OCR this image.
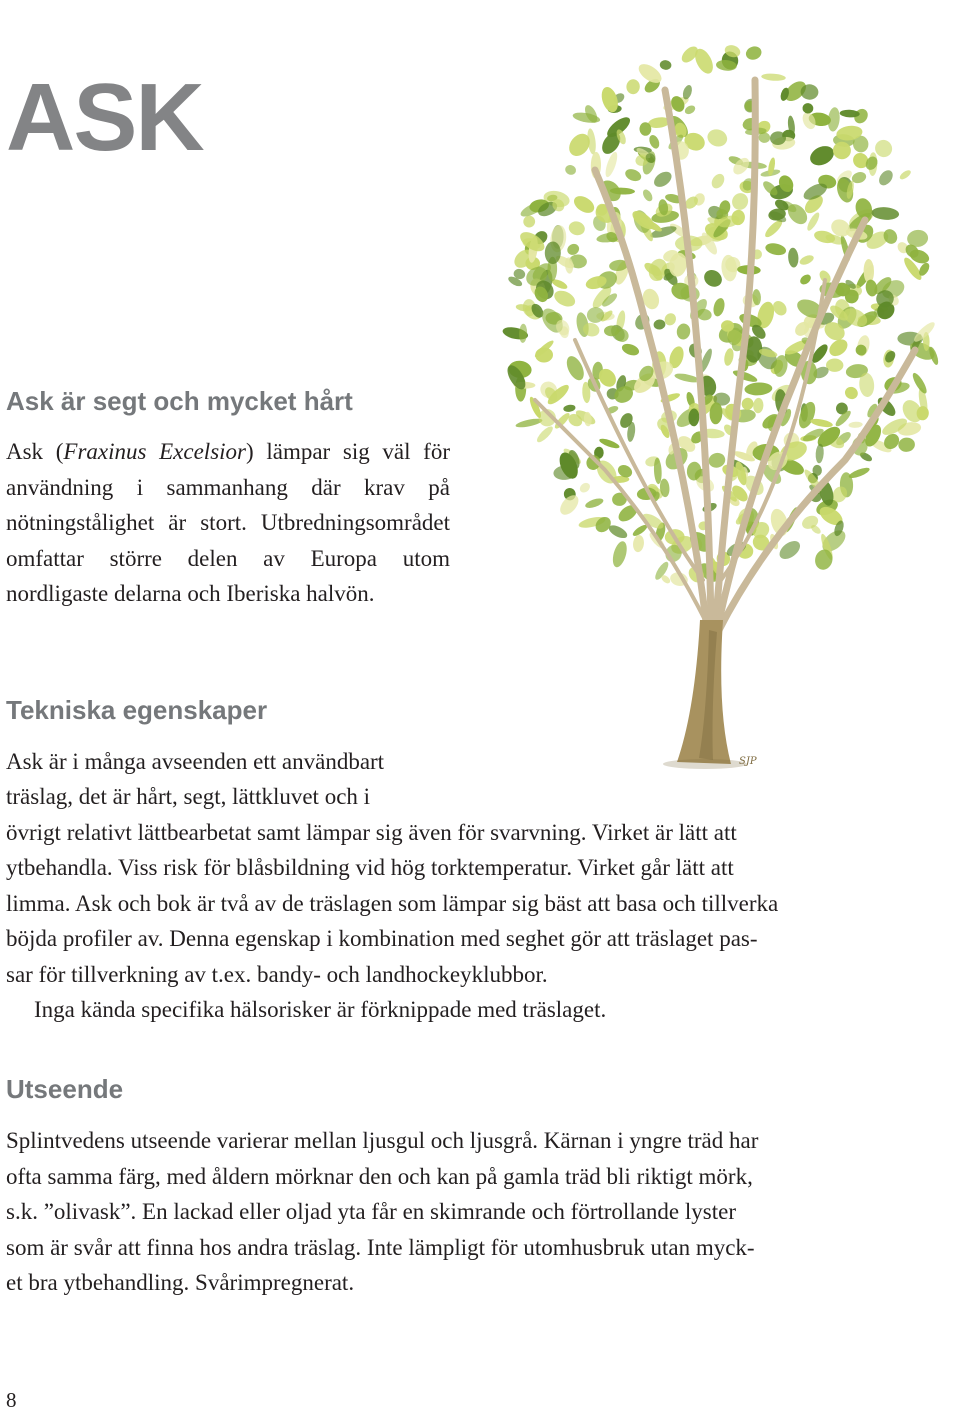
ASK
SJP
Ask är segt och mycket hårt

Ask (Fraxinus Excelsior) lämpar sig väl för användning i sammanhang där krav på nötningstålighet är stort. Utbredningsområdet omfattar större delen av Europa utom nordligaste delarna och Iberiska halvön.

Tekniska egenskaper
Ask är i många avseenden ett användbart
träslag, det är hårt, segt, lättkluvet och i
övrigt relativt lättbearbetat samt lämpar sig även för svarvning. Virket är lätt att
ytbehandla. Viss risk för blåsbildning vid hög torktemperatur. Virket går lätt att
limma. Ask och bok är två av de träslagen som lämpar sig bäst att basa och tillverka
böjda profiler av. Denna egenskap i kombination med seghet gör att träslaget pas-
sar för tillverkning av t.ex. bandy- och landhockeyklubbor.
Inga kända specifika hälsorisker är förknippade med träslaget.
Utseende
Splintvedens utseende varierar mellan ljusgul och ljusgrå. Kärnan i yngre träd har
ofta samma färg, med åldern mörknar den och kan på gamla träd bli riktigt mörk,
s.k. ”olivask”. En lackad eller oljad yta får en skimrande och förtrollande lyster
som är svår att finna hos andra träslag. Inte lämpligt för utomhusbruk utan myck-
et bra ytbehandling. Svårimpregnerat.
8
